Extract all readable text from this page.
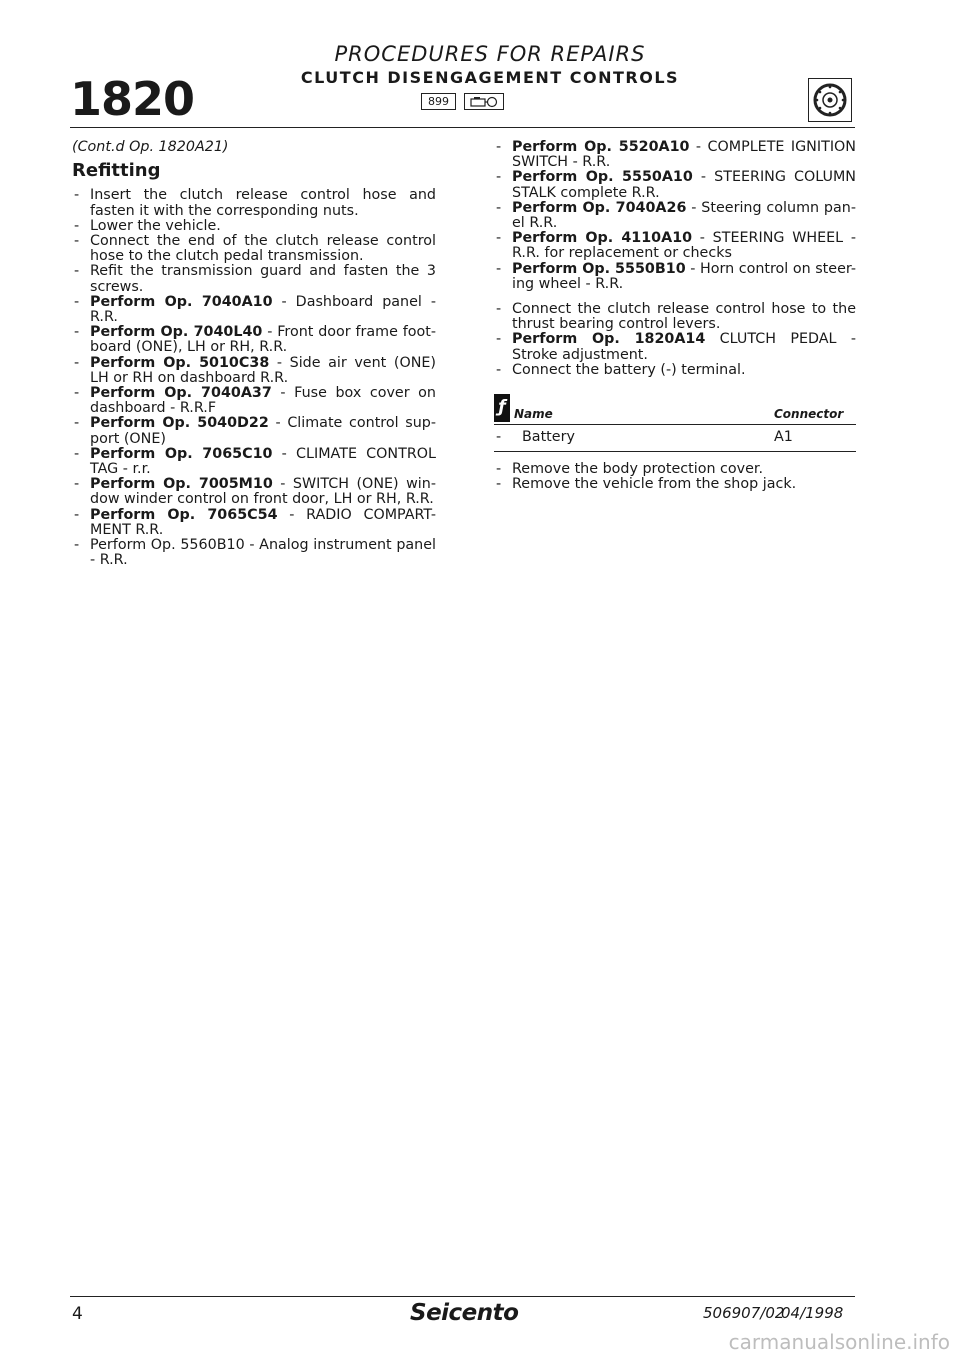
1820
PROCEDURES FOR REPAIRS
CLUTCH DISENGAGEMENT CONTROLS
899
(Cont.d Op. 1820A21)
Refitting
- Insert the clutch release control hose and fasten it with the corresponding nuts.
- Lower the vehicle.
- Connect the end of the clutch release control hose to the clutch pedal transmission.
- Refit the transmission guard and fasten the 3 screws.
- Perform Op. 7040A10 - Dashboard panel - R.R.
- Perform Op. 7040L40 - Front door frame foot-board (ONE), LH or RH, R.R.
- Perform Op. 5010C38 - Side air vent (ONE) LH or RH on dashboard R.R.
- Perform Op. 7040A37 - Fuse box cover on dashboard - R.R.F
- Perform Op. 5040D22 - Climate control sup-port (ONE)
- Perform Op. 7065C10 - CLIMATE CONTROL TAG - r.r.
- Perform Op. 7005M10 - SWITCH (ONE) win-dow winder control on front door, LH or RH, R.R.
- Perform Op. 7065C54 - RADIO COMPART-MENT R.R.
- Perform Op. 5560B10 - Analog instrument panel - R.R.
- Perform Op. 5520A10 - COMPLETE IGNITION SWITCH - R.R.
- Perform Op. 5550A10 - STEERING COLUMN STALK complete R.R.
- Perform Op. 7040A26 - Steering column pan-el R.R.
- Perform Op. 4110A10 - STEERING WHEEL - R.R. for replacement or checks
- Perform Op. 5550B10 - Horn control on steer-ing wheel - R.R.
- Connect the clutch release control hose to the thrust bearing control levers.
- Perform Op. 1820A14 CLUTCH PEDAL - Stroke adjustment.
- Connect the battery (-) terminal.
ƒ Name	Connector
-	Battery	A1
- Remove the body protection cover.
- Remove the vehicle from the shop jack.
4	Seicento	506907/02
04/1998
carmanualsonline.info
